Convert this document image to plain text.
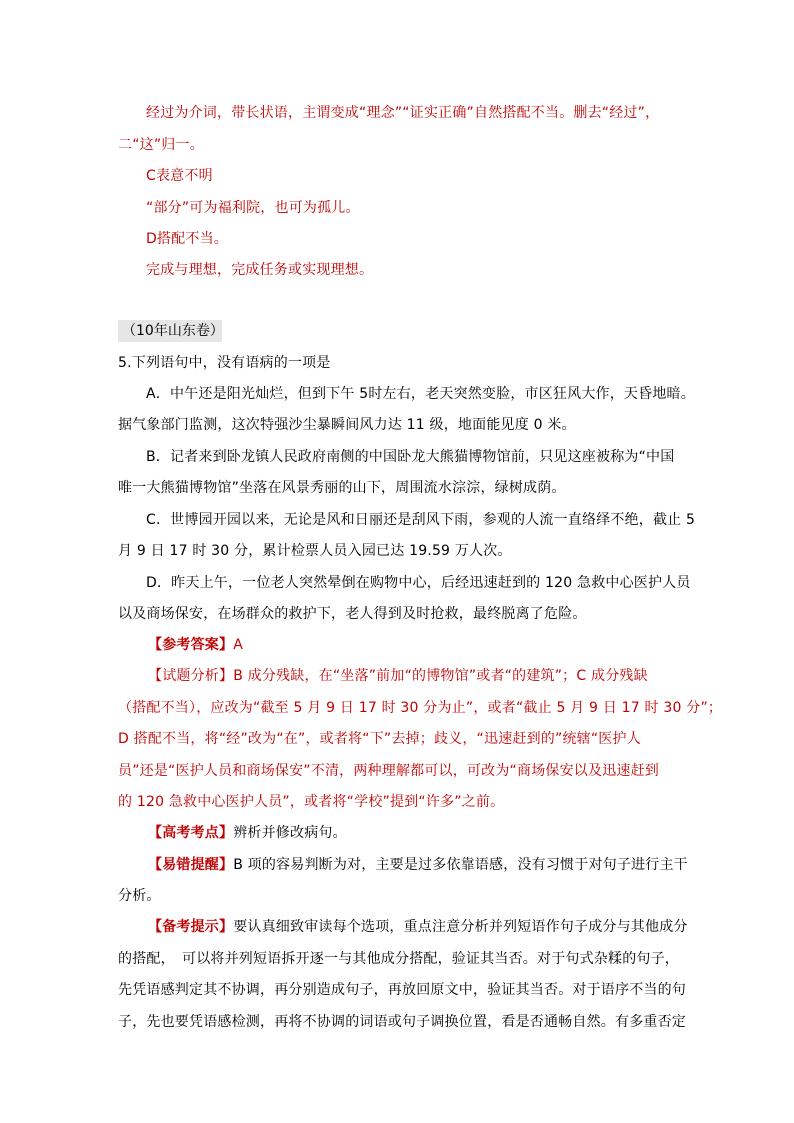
经过为介词，带长状语，主谓变成“理念”“证实正确”自然搭配不当。删去“经过”，
二“这”归一。
C表意不明
“部分”可为福利院，也可为孤儿。
D搭配不当。
完成与理想，完成任务或实现理想。
（10年山东卷）
5.下列语句中，没有语病的一项是
A．中午还是阳光灿烂，但到下午 5时左右，老天突然变脸，市区狂风大作，天昏地暗。
据气象部门监测，这次特强沙尘暴瞬间风力达 11 级，地面能见度 0 米。
B．记者来到卧龙镇人民政府南侧的中国卧龙大熊猫博物馆前，只见这座被称为“中国
唯一大熊猫博物馆”坐落在风景秀丽的山下，周围流水淙淙，绿树成荫。
C．世博园开园以来，无论是风和日丽还是刮风下雨，参观的人流一直络绎不绝，截止 5
月 9 日 17 时 30 分，累计检票人员入园已达 19.59 万人次。
D．昨天上午，一位老人突然晕倒在购物中心，后经迅速赶到的 120 急救中心医护人员
以及商场保安，在场群众的救护下，老人得到及时抢救，最终脱离了危险。
【参考答案】A
【试题分析】B 成分残缺，在“坐落”前加“的博物馆”或者“的建筑”；C 成分残缺
（搭配不当），应改为“截至 5 月 9 日 17 时 30 分为止”，或者“截止 5 月 9 日 17 时 30 分”；
D 搭配不当，将“经”改为“在”，或者将“下”去掉；歧义，“迅速赶到的”统辖“医护人
员”还是“医护人员和商场保安”不清，两种理解都可以，可改为“商场保安以及迅速赶到
的 120 急救中心医护人员”，或者将“学校”提到“许多”之前。
【高考考点】辨析并修改病句。
【易错提醒】B 项的容易判断为对，主要是过多依靠语感，没有习惯于对句子进行主干
分析。
【备考提示】要认真细致审读每个选项，重点注意分析并列短语作句子成分与其他成分
的搭配，　可以将并列短语拆开逐一与其他成分搭配，验证其当否。对于句式杂糅的句子，
先凭语感判定其不协调，再分别造成句子，再放回原文中，验证其当否。对于语序不当的句
子，先也要凭语感检测，再将不协调的词语或句子调换位置，看是否通畅自然。有多重否定
